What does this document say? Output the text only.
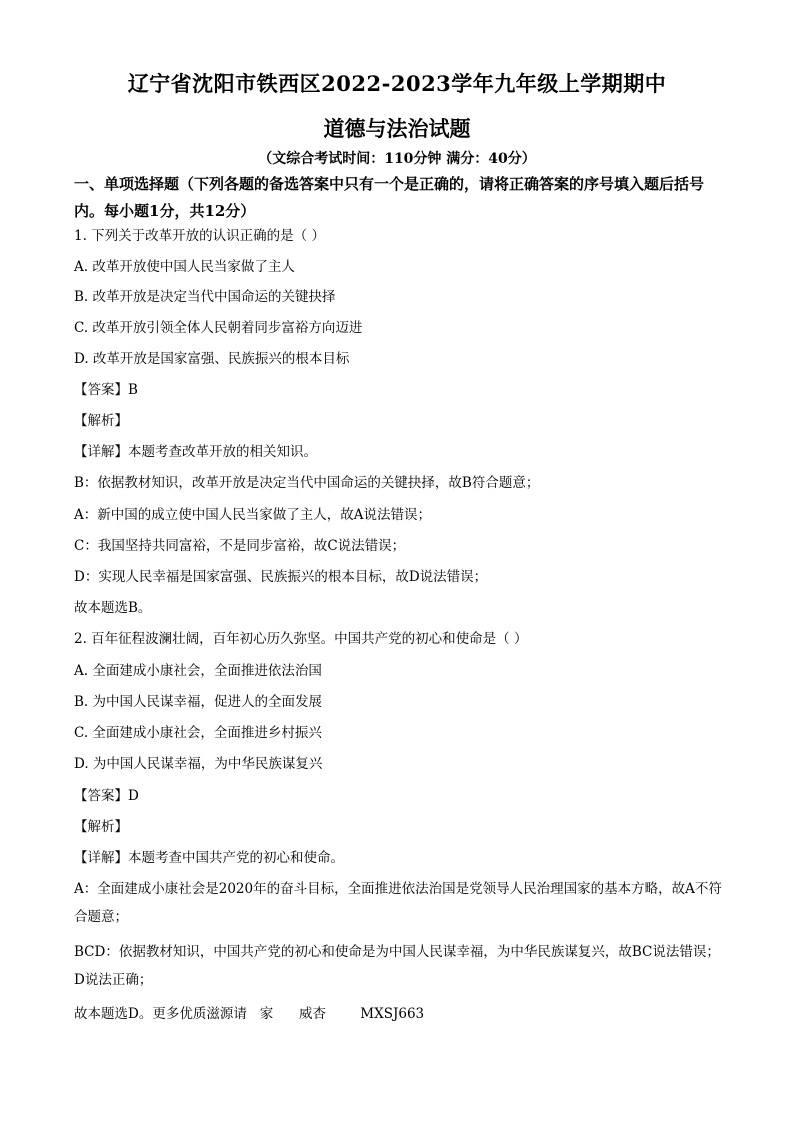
辽宁省沈阳市铁西区2022-2023学年九年级上学期期中
道德与法治试题
（文综合考试时间：110分钟 满分：40分）
一、单项选择题（下列各题的备选答案中只有一个是正确的，请将正确答案的序号填入题后括号内。每小题1分，共12分）
1. 下列关于改革开放的认识正确的是（ ）
A. 改革开放使中国人民当家做了主人
B. 改革开放是决定当代中国命运的关键抉择
C. 改革开放引领全体人民朝着同步富裕方向迈进
D. 改革开放是国家富强、民族振兴的根本目标
【答案】B
【解析】
【详解】本题考查改革开放的相关知识。
B：依据教材知识，改革开放是决定当代中国命运的关键抉择，故B符合题意；
A：新中国的成立使中国人民当家做了主人，故A说法错误；
C：我国坚持共同富裕，不是同步富裕，故C说法错误；
D：实现人民幸福是国家富强、民族振兴的根本目标，故D说法错误；
故本题选B。
2. 百年征程波澜壮阔，百年初心历久弥坚。中国共产党的初心和使命是（ ）
A. 全面建成小康社会，全面推进依法治国
B. 为中国人民谋幸福，促进人的全面发展
C. 全面建成小康社会，全面推进乡村振兴
D. 为中国人民谋幸福，为中华民族谋复兴
【答案】D
【解析】
【详解】本题考查中国共产党的初心和使命。
A：全面建成小康社会是2020年的奋斗目标，全面推进依法治国是党领导人民治理国家的基本方略，故A不符合题意；
BCD：依据教材知识，中国共产党的初心和使命是为中国人民谋幸福，为中华民族谋复兴，故BC说法错误；D说法正确；
故本题选D。更多优质滋源请   家      威杏        MXSJ663
